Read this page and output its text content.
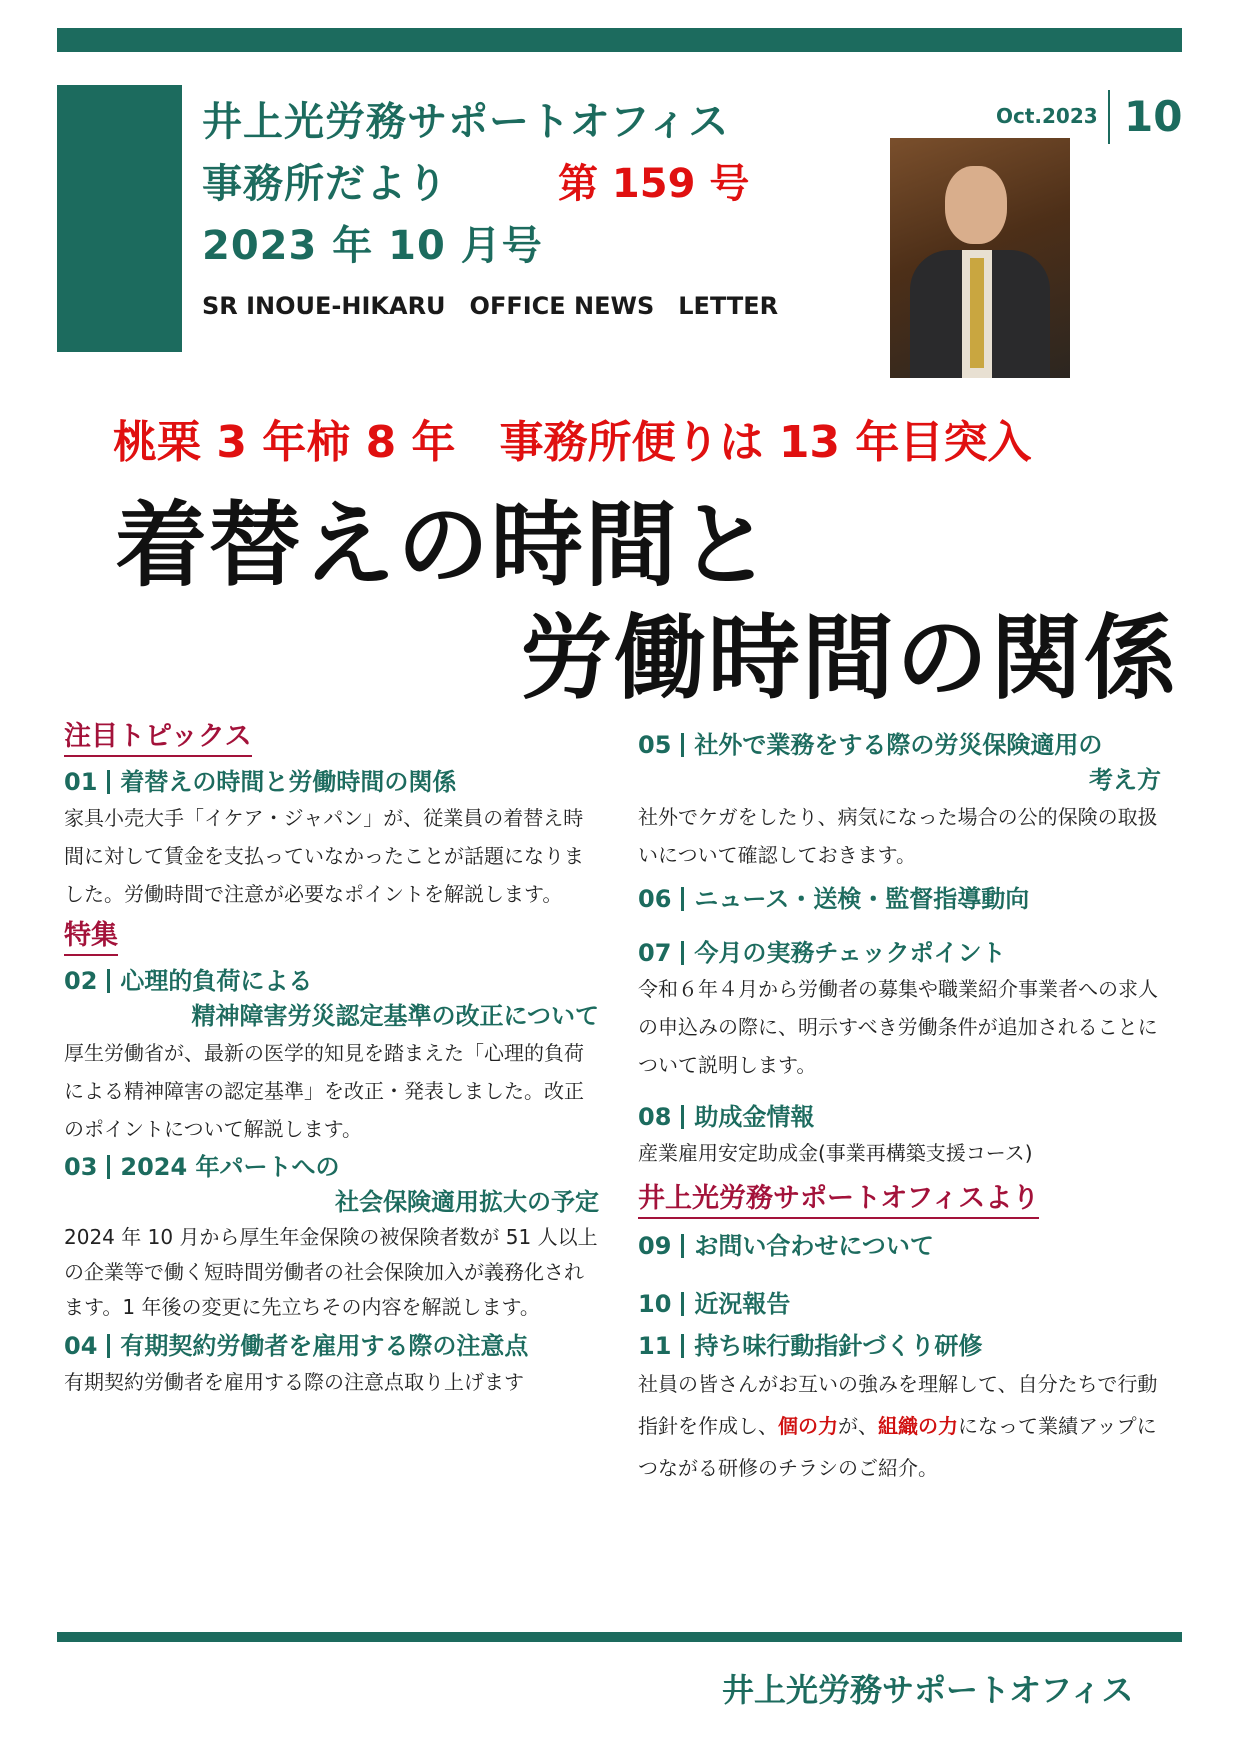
井上光労務サポートオフィス
事務所だより	第 159 号
2023 年 10 月号
SR INOUE-HIKARU　OFFICE NEWS　LETTER
Oct.2023 10
桃栗 3 年柿 8 年　事務所便りは 13 年目突入
着替えの時間と
労働時間の関係
注目トピックス
01 着替えの時間と労働時間の関係
家具小売大手「イケア・ジャパン」が、従業員の着替え時間に対して賃金を支払っていなかったことが話題になりました。労働時間で注意が必要なポイントを解説します。
特集
02 心理的負荷による
精神障害労災認定基準の改正について
厚生労働省が、最新の医学的知見を踏まえた「心理的負荷による精神障害の認定基準」を改正・発表しました。改正のポイントについて解説します。
03 2024 年パートへの
社会保険適用拡大の予定
2024 年 10 月から厚生年金保険の被保険者数が 51 人以上の企業等で働く短時間労働者の社会保険加入が義務化されます。1 年後の変更に先立ちその内容を解説します。
04 有期契約労働者を雇用する際の注意点
有期契約労働者を雇用する際の注意点取り上げます
05 社外で業務をする際の労災保険適用の
考え方
社外でケガをしたり、病気になった場合の公的保険の取扱いについて確認しておきます。
06 ニュース・送検・監督指導動向
07 今月の実務チェックポイント
令和６年４月から労働者の募集や職業紹介事業者への求人の申込みの際に、明示すべき労働条件が追加されることについて説明します。
08 助成金情報
産業雇用安定助成金(事業再構築支援コース)
井上光労務サポートオフィスより
09 お問い合わせについて
10 近況報告
11 持ち味行動指針づくり研修
社員の皆さんがお互いの強みを理解して、自分たちで行動指針を作成し、個の力が、組織の力になって業績アップにつながる研修のチラシのご紹介。
井上光労務サポートオフィス
